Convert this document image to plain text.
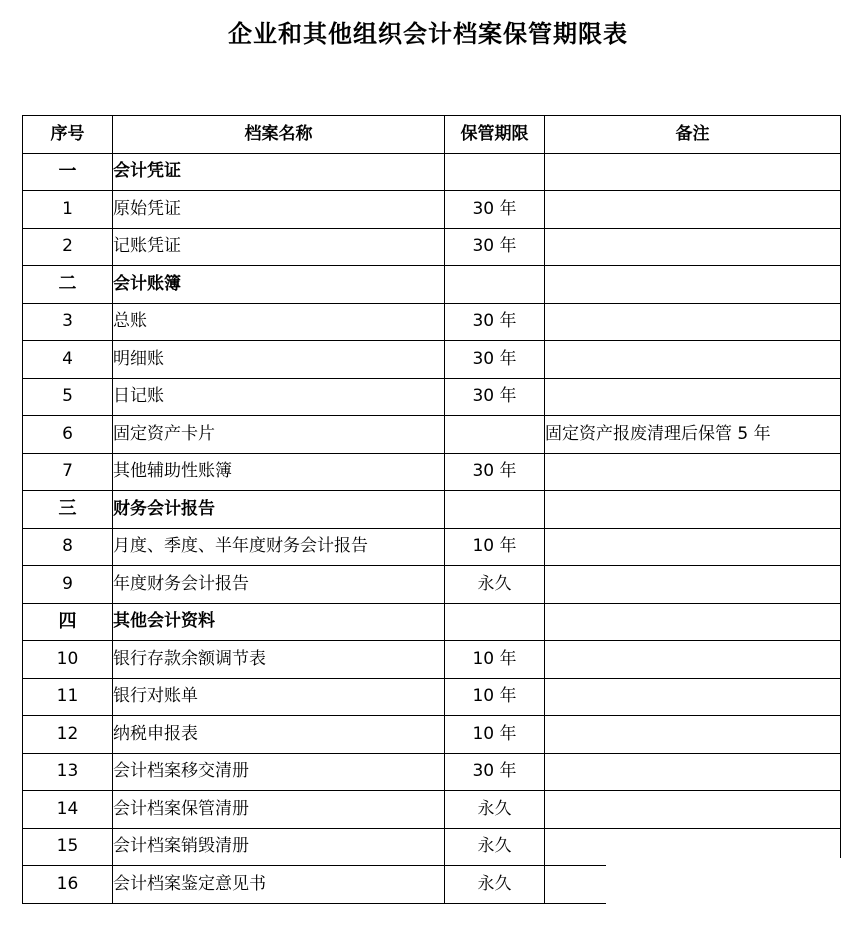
企业和其他组织会计档案保管期限表
序号	档案名称	保管期限	备注
一	会计凭证		
1	原始凭证	30 年	
2	记账凭证	30 年	
二	会计账簿		
3	总账	30 年	
4	明细账	30 年	
5	日记账	30 年	
6	固定资产卡片		固定资产报废清理后保管 5 年
7	其他辅助性账簿	30 年	
三	财务会计报告		
8	月度、季度、半年度财务会计报告	10 年	
9	年度财务会计报告	永久	
四	其他会计资料		
10	银行存款余额调节表	10 年	
11	银行对账单	10 年	
12	纳税申报表	10 年	
13	会计档案移交清册	30 年	
14	会计档案保管清册	永久	
15	会计档案销毁清册	永久	
16	会计档案鉴定意见书	永久	
